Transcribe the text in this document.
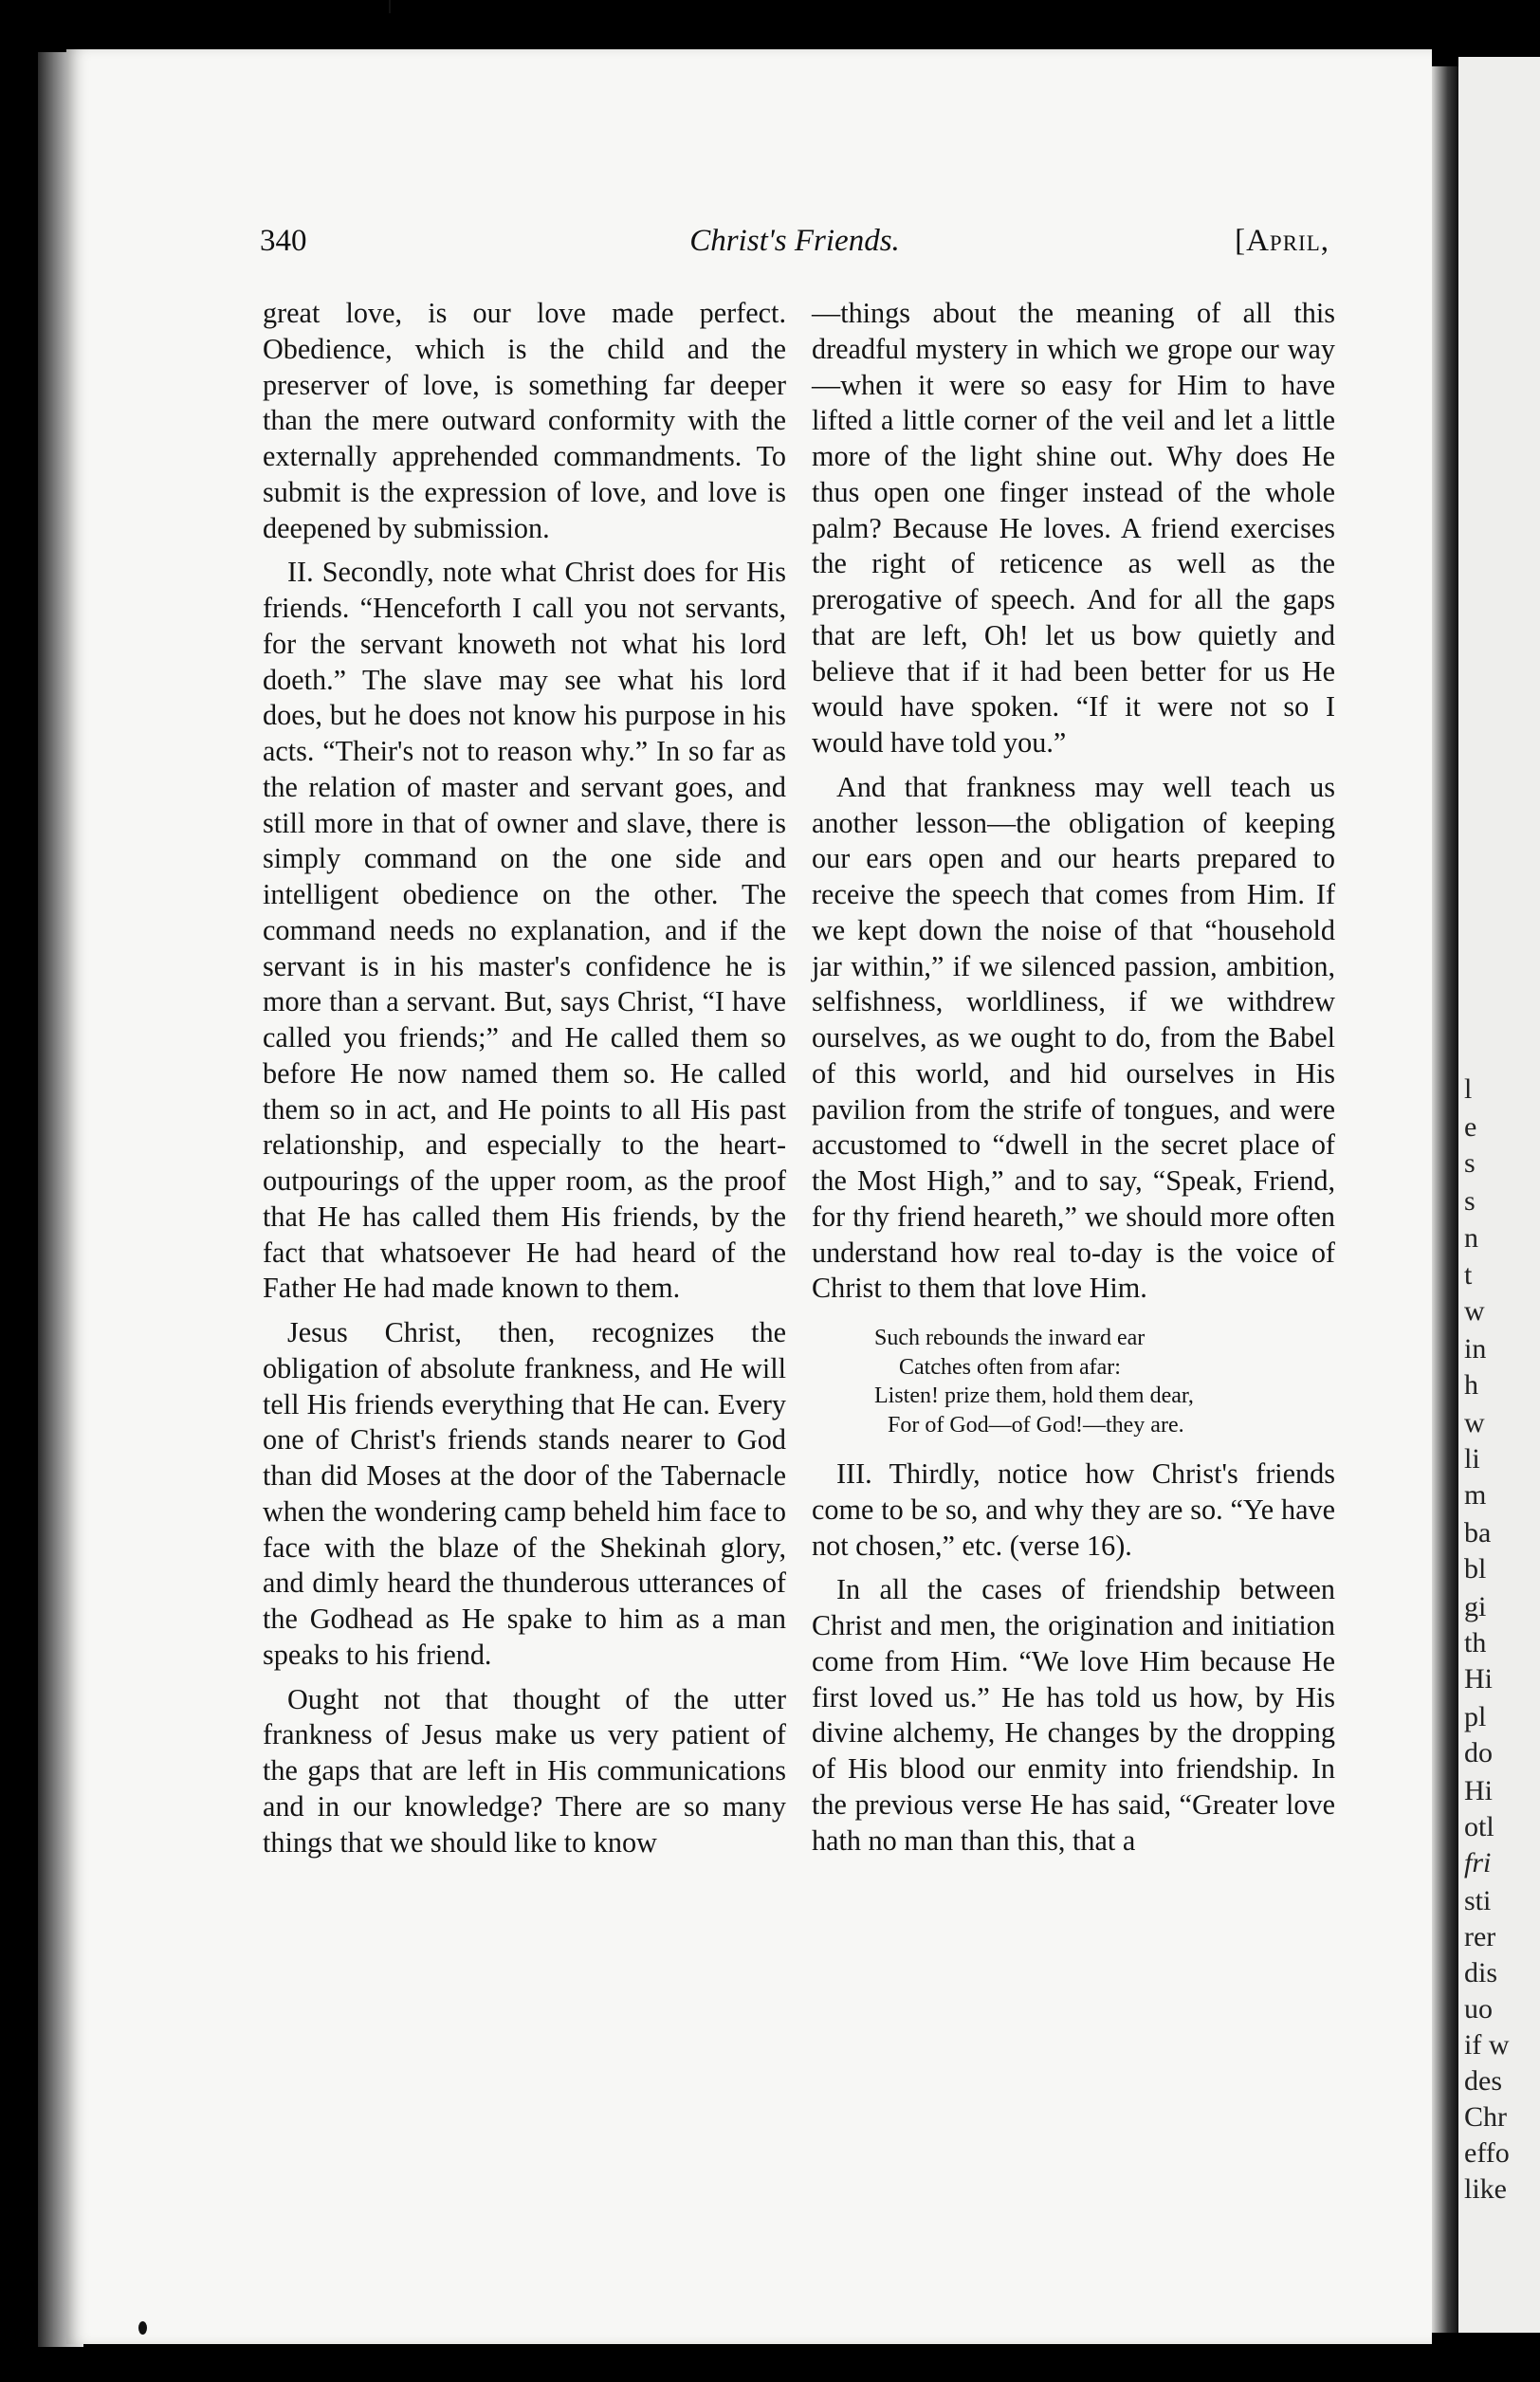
l
e
s
s
n
t
w
in
h
w
li
m
ba
bl
gi
th
Hi
pl
do
Hi
otl
fri
sti
rer
dis
uo
if w
des
Chr
effo
like
340	Christ's Friends.	[April,

great love, is our love made perfect. Obedience, which is the child and the preserver of love, is something far deeper than the mere outward conformity with the externally apprehended commandments. To submit is the expression of love, and love is deepened by submission.

II. Secondly, note what Christ does for His friends. “Henceforth I call you not servants, for the servant knoweth not what his lord doeth.” The slave may see what his lord does, but he does not know his purpose in his acts. “Their's not to reason why.” In so far as the relation of master and servant goes, and still more in that of owner and slave, there is simply command on the one side and intelligent obedience on the other. The command needs no explanation, and if the servant is in his master's confidence he is more than a servant. But, says Christ, “I have called you friends;” and He called them so before He now named them so. He called them so in act, and He points to all His past relationship, and especially to the heart-outpourings of the upper room, as the proof that He has called them His friends, by the fact that whatsoever He had heard of the Father He had made known to them.

Jesus Christ, then, recognizes the obligation of absolute frankness, and He will tell His friends everything that He can. Every one of Christ's friends stands nearer to God than did Moses at the door of the Tabernacle when the wondering camp beheld him face to face with the blaze of the Shekinah glory, and dimly heard the thunderous utterances of the Godhead as He spake to him as a man speaks to his friend.

Ought not that thought of the utter frankness of Jesus make us very patient of the gaps that are left in His communications and in our knowledge? There are so many things that we should like to know

—things about the meaning of all this dreadful mystery in which we grope our way—when it were so easy for Him to have lifted a little corner of the veil and let a little more of the light shine out. Why does He thus open one finger instead of the whole palm? Because He loves. A friend exercises the right of reticence as well as the prerogative of speech. And for all the gaps that are left, Oh! let us bow quietly and believe that if it had been better for us He would have spoken. “If it were not so I would have told you.”

And that frankness may well teach us another lesson—the obligation of keeping our ears open and our hearts prepared to receive the speech that comes from Him. If we kept down the noise of that “household jar within,” if we silenced passion, ambition, selfishness, worldliness, if we withdrew ourselves, as we ought to do, from the Babel of this world, and hid ourselves in His pavilion from the strife of tongues, and were accustomed to “dwell in the secret place of the Most High,” and to say, “Speak, Friend, for thy friend heareth,” we should more often understand how real to-day is the voice of Christ to them that love Him.

Such rebounds the inward ear
Catches often from afar:
Listen! prize them, hold them dear,
For of God—of God!—they are.

III. Thirdly, notice how Christ's friends come to be so, and why they are so. “Ye have not chosen,” etc. (verse 16).

In all the cases of friendship between Christ and men, the origination and initiation come from Him. “We love Him because He first loved us.” He has told us how, by His divine alchemy, He changes by the dropping of His blood our enmity into friendship. In the previous verse He has said, “Greater love hath no man than this, that a
